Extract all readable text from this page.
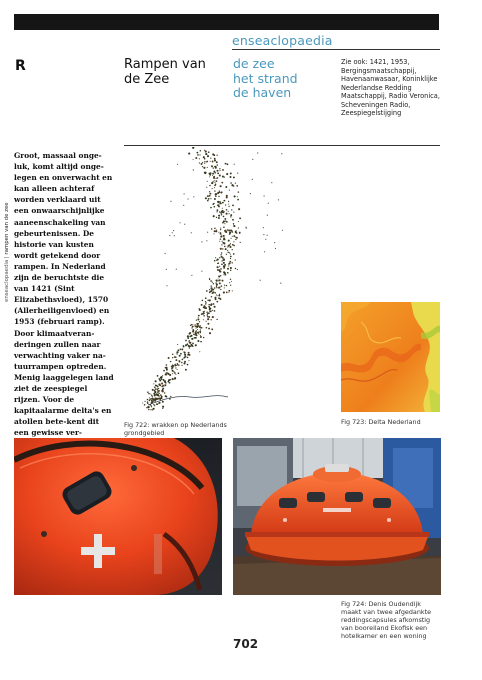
enseaclopaedia
R	Rampen van
de Zee
de zee
het strand
de haven
Zie ook: 1421, 1953, Bergingsmaatschappij, Havenaanwasaar, Koninklijke Nederlandse Redding Maatschappij, Radio Veronica, Scheveningen Radio, Zeespiegelstijging
Groot, massaal onge-luk, komt altijd onge-legen en onverwacht en kan alleen achteraf worden verklaard uit een onwaarschijnlijke aaneenschakeling van gebeurtenissen. De historie van kusten wordt getekend door rampen. In Nederland zijn de beruchtste die van 1421 (Sint Elizabethsvloed), 1570 (Allerheiligenvloed) en 1953 (februari ramp). Door klimaatveran-deringen zullen naar verwachting vaker na-tuurrampen optreden. Menig laaggelegen land ziet de zeespiegel rijzen. Voor de kapitaalarme delta's en atollen bete-kent dit een gewisse ver-
enseaclopaedia | rampen van de zee
Fig 722: wrakken op Nederlands grondgebied
Fig 723: Delta Nederland
Fig 724: Denis Oudendijk maakt van twee afgedankte reddingscapsules afkomstig van booreiland Ekofisk een hotelkamer en een woning
702
